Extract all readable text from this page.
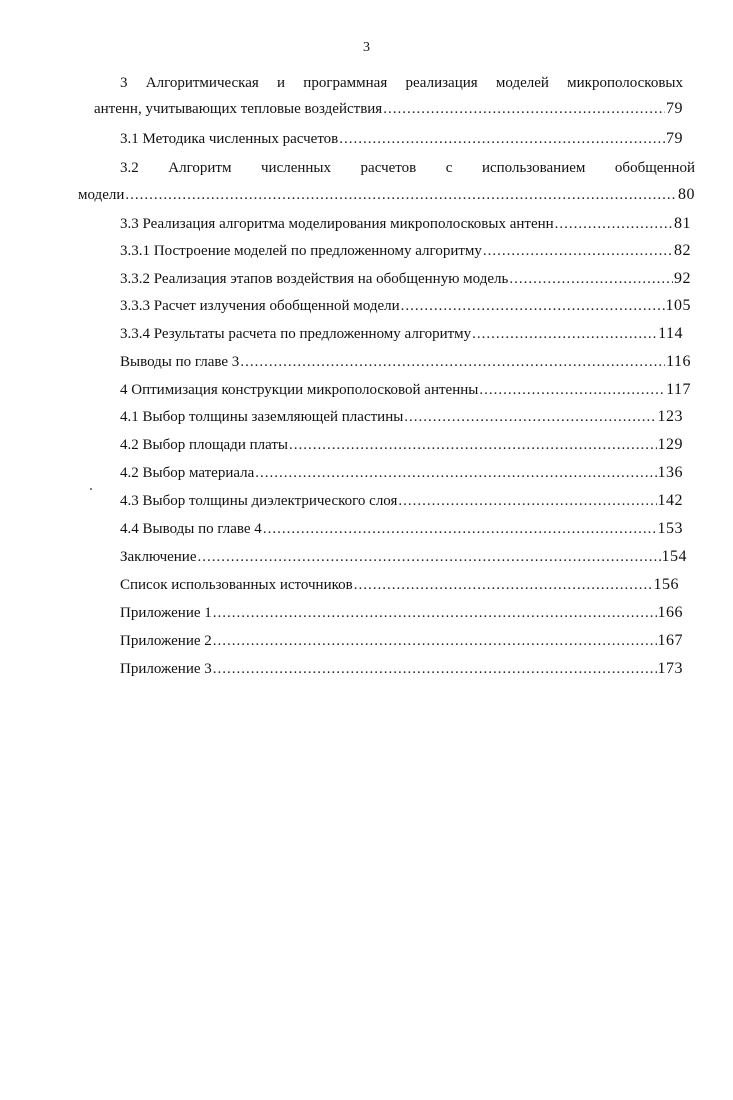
3
3 Алгоритмическая и программная реализация моделей микрополосковых
антенн, учитывающих тепловые воздействия .....	79
3.1 Методика численных расчетов .....	79
3.2 Алгоритм численных расчетов с использованием обобщенной
модели .....	80
3.3 Реализация алгоритма моделирования микрополосковых антенн .....	81
3.3.1 Построение моделей по предложенному алгоритму .....	82
3.3.2 Реализация этапов воздействия на обобщенную модель .....	92
3.3.3 Расчет излучения обобщенной модели .....	105
3.3.4 Результаты расчета по предложенному алгоритму .....	114
Выводы по главе 3 .....	116
4 Оптимизация конструкции микрополосковой антенны .....	117
4.1 Выбор толщины заземляющей пластины .....	123
4.2 Выбор площади платы .....	129
4.2 Выбор материала .....	136
4.3 Выбор толщины диэлектрического слоя .....	142
4.4 Выводы по главе 4 .....	153
Заключение .....	154
Список использованных источников .....	156
Приложение 1 .....	166
Приложение 2 .....	167
Приложение 3 .....	173
